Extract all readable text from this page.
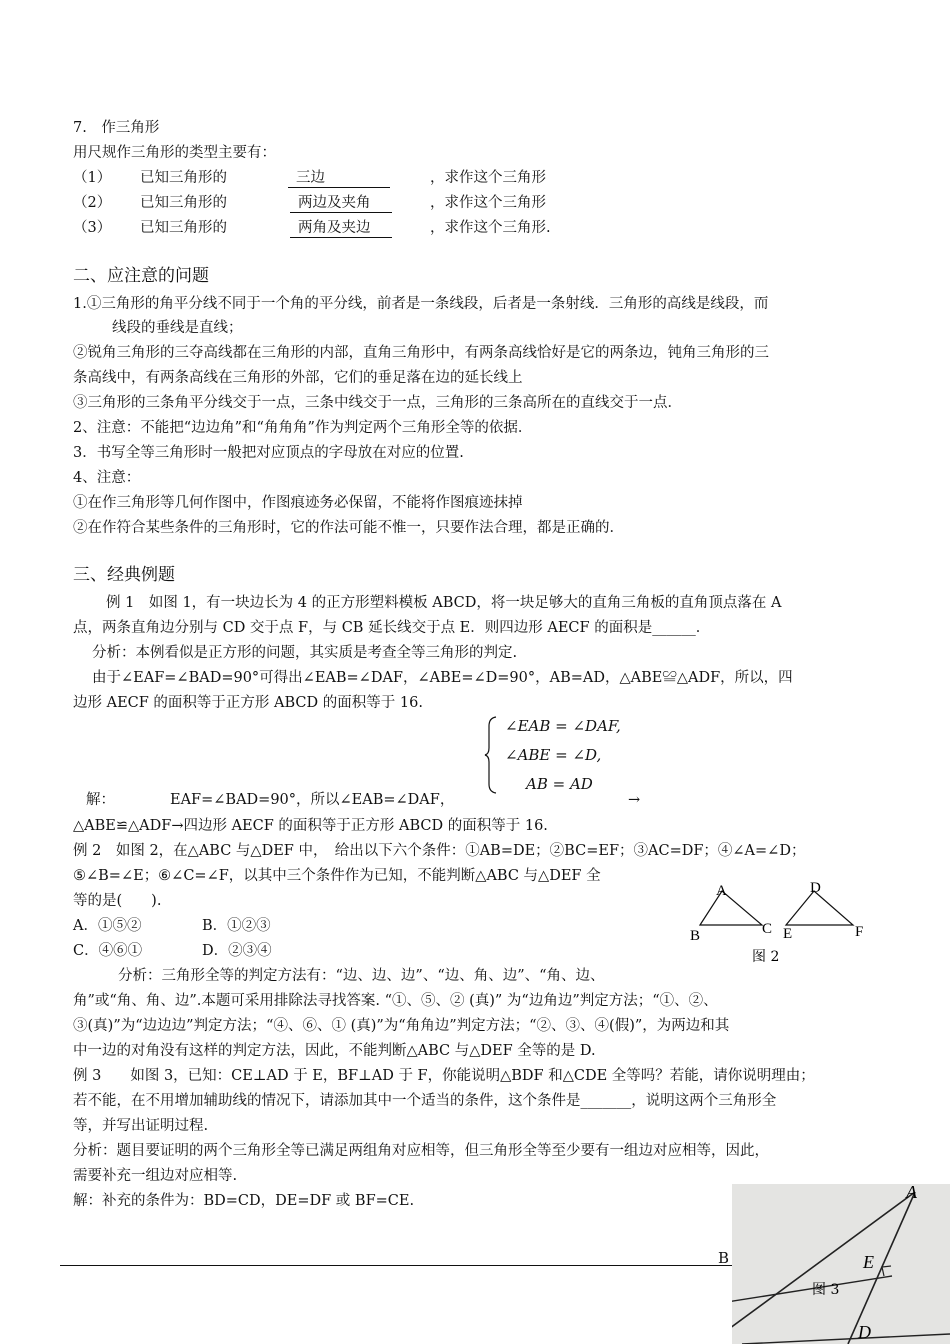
7.　作三角形
用尺规作三角形的类型主要有：
（1） 已知三角形的	三边	，求作这个三角形
（2） 已知三角形的	两边及夹角	，求作这个三角形
（3） 已知三角形的	两角及夹边	，求作这个三角形.
二、应注意的问题
1.①三角形的角平分线不同于一个角的平分线，前者是一条线段，后者是一条射线．三角形的高线是线段，而
线段的垂线是直线；
②锐角三角形的三夺高线都在三角形的内部，直角三角形中，有两条高线恰好是它的两条边，钝角三角形的三
条高线中，有两条高线在三角形的外部，它们的垂足落在边的延长线上
③三角形的三条角平分线交于一点，三条中线交于一点，三角形的三条高所在的直线交于一点．
2、注意：不能把“边边角”和“角角角”作为判定两个三角形全等的依据．
3．书写全等三角形时一般把对应顶点的字母放在对应的位置.
4、注意：
①在作三角形等几何作图中，作图痕迹务必保留，不能将作图痕迹抹掉
②在作符合某些条件的三角形时，它的作法可能不惟一，只要作法合理，都是正确的．
三、经典例题
例 1　如图 1，有一块边长为 4 的正方形塑料模板 ABCD，将一块足够大的直角三角板的直角顶点落在 A
点，两条直角边分别与 CD 交于点 F，与 CB 延长线交于点 E．则四边形 AECF 的面积是______．
分析：本例看似是正方形的问题，其实质是考查全等三角形的判定.
由于∠EAF=∠BAD=90°可得出∠EAB=∠DAF，∠ABE=∠D=90°，AB=AD，△ABE≌△ADF，所以，四
边形 AECF 的面积等于正方形 ABCD 的面积等于 16.
∠EAB = ∠DAF,
∠ABE = ∠D,
AB = AD
解：	EAF=∠BAD=90°，所以∠EAB=∠DAF，	→
△ABE≌△ADF→四边形 AECF 的面积等于正方形 ABCD 的面积等于 16.
例 2　如图 2，在△ABC 与△DEF 中，　给出以下六个条件：①AB=DE；②BC=EF；③AC=DF；④∠A=∠D；
⑤∠B=∠E；⑥∠C=∠F，以其中三个条件作为已知，不能判断△ABC 与△DEF 全
等的是(　　).
A．①⑤②	B．①②③
C．④⑥①	D．②③④
A
B	C
D
E	F
图 2
分析：三角形全等的判定方法有：“边、边、边”、“边、角、边”、“角、边、
角”或“角、角、边”.本题可采用排除法寻找答案. “①、⑤、② (真)” 为“边角边”判定方法；“①、②、
③(真)”为“边边边”判定方法；“④、⑥、① (真)”为“角角边”判定方法；“②、③、④(假)”，为两边和其
中一边的对角没有这样的判定方法，因此，不能判断△ABC 与△DEF 全等的是 D.
例 3　　如图 3，已知：CE⊥AD 于 E，BF⊥AD 于 F，你能说明△BDF 和△CDE 全等吗？若能，请你说明理由；
若不能，在不用增加辅助线的情况下，请添加其中一个适当的条件，这个条件是_______，说明这两个三角形全
等，并写出证明过程.
分析：题目要证明的两个三角形全等已满足两组角对应相等，但三角形全等至少要有一组边对应相等，因此，
需要补充一组边对应相等.
解：补充的条件为：BD=CD，DE=DF 或 BF=CE.
B
A
E
D
图 3
